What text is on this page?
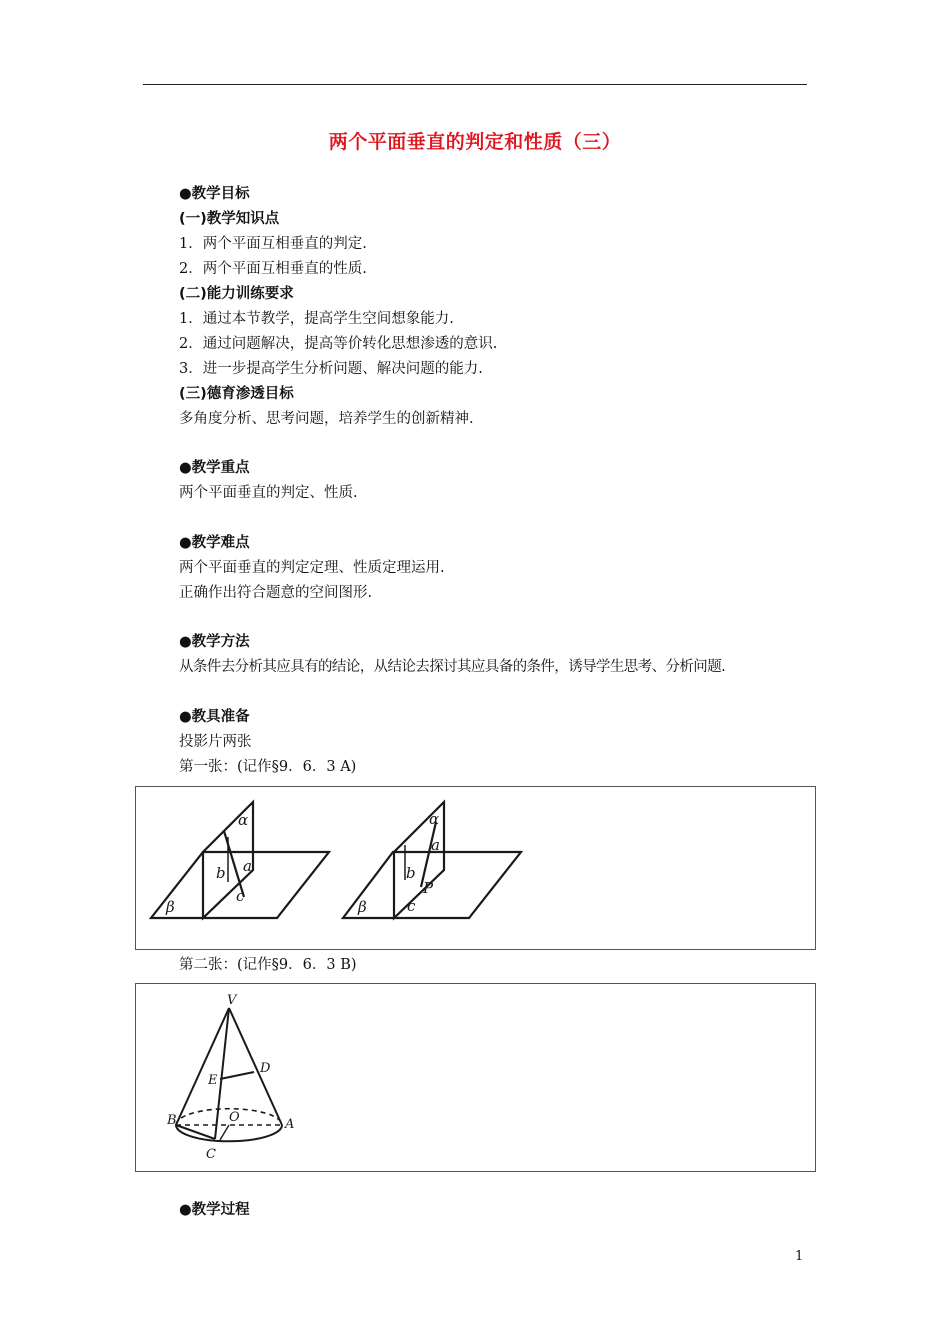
两个平面垂直的判定和性质（三）
●教学目标
(一)教学知识点
1．两个平面互相垂直的判定.
2．两个平面互相垂直的性质.
(二)能力训练要求
1．通过本节教学，提高学生空间想象能力.
2．通过问题解决，提高等价转化思想渗透的意识.
3．进一步提高学生分析问题、解决问题的能力.
(三)德育渗透目标
多角度分析、思考问题，培养学生的创新精神.
●教学重点
两个平面垂直的判定、性质.
●教学难点
两个平面垂直的判定定理、性质定理运用.
正确作出符合题意的空间图形.
●教学方法
从条件去分析其应具有的结论，从结论去探讨其应具备的条件，诱导学生思考、分析问题.
●教具准备
投影片两张
第一张：(记作§9．6．3 A)
α
β
a
b
c
α
β
a
b
c
P
第二张：(记作§9．6．3 B)
V
D
E
B	O	A
C
●教学过程
1
